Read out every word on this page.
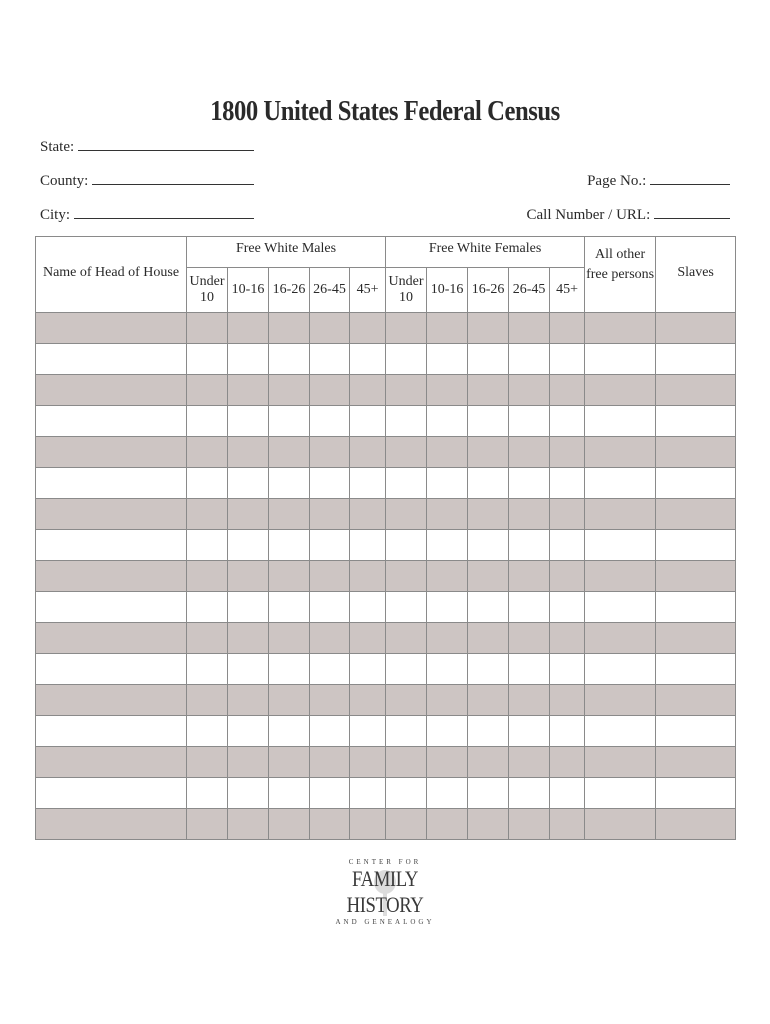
1800 United States Federal Census
State:
County:
City:
Page No.:
Call Number / URL:
Name of Head of House	Free White Males					Free White Females					All other free persons	Slaves
	Under 10	10-16	16-26	26-45	45+	Under 10	10-16	16-26	26-45	45+		

CENTER FOR
FAMILY HISTORY
AND GENEALOGY
